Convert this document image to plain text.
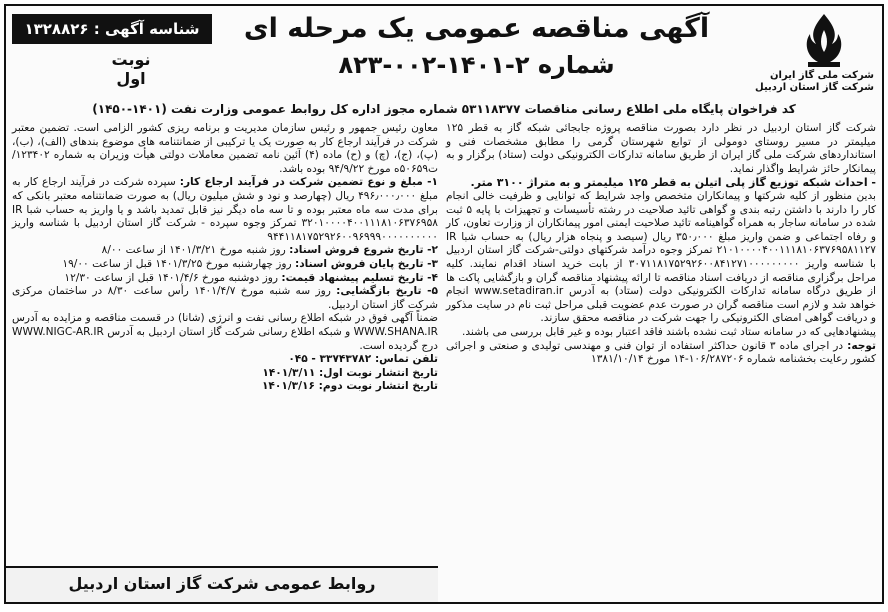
شرکت ملی گاز ایران
شرکت گاز استان اردبیل
آگهی مناقصه عمومی یک مرحله ای
شماره ۲-۱۴۰۱-۰۰۲-۸۲۳
شناسه آگهی : ۱۳۲۸۸۲۶
نوبت اول
کد فراخوان پایگاه ملی اطلاع رسانی مناقصات ۵۳۱۱۸۳۷۷ شماره مجوز اداره کل روابط عمومی وزارت نفت (۱۴۰۱-۱۴۵۰)

شرکت گاز استان اردبیل در نظر دارد بصورت مناقصه پروژه جابجائی شبکه گاز به قطر ۱۲۵ میلیمتر در مسیر روستای دومولی از توابع شهرستان گرمی را مطابق مشخصات فنی و استانداردهای شرکت ملی گاز ایران از طریق سامانه تدارکات الکترونیکی دولت (ستاد) برگزار و به پیمانکار حائز شرایط واگذار نماید.

- احداث شبکه توزیع گاز پلی اتیلن به قطر ۱۲۵ میلیمتر و به متراژ ۳۱۰۰ متر.

بدین منظور از کلیه شرکتها و پیمانکاران متخصص واجد شرایط که توانایی و ظرفیت خالی انجام کار را دارند با داشتن رتبه بندی و گواهی تائید صلاحیت در رشته تأسیسات و تجهیزات با پایه ۵ ثبت شده در سامانه ساجار به همراه گواهینامه تائید صلاحیت ایمنی امور پیمانکاران از وزارت تعاون، کار و رفاه اجتماعی و ضمن واریز مبلغ ۳۵۰٫۰۰۰ ریال (سیصد و پنجاه هزار ریال) به حساب شبا IR ۲۱۰۱۰۰۰۰۴۰۰۱۱۱۸۱۰۶۳۷۶۹۵۸۱۱۲۷ تمرکز وجوه درآمد شرکتهای دولتی-شرکت گاز استان اردبیل با شناسه واریز ۳۰۷۱۱۸۱۷۵۲۹۲۶۰۰۸۴۱۲۷۱۰۰۰۰۰۰۰۰۰ از بابت خرید اسناد اقدام نمایند. کلیه مراحل برگزاری مناقصه از دریافت اسناد مناقصه تا ارائه پیشنهاد مناقصه گران و بازگشایی پاکت ها از طریق درگاه سامانه تدارکات الکترونیکی دولت (ستاد) به آدرس www.setadiran.ir انجام خواهد شد و لازم است مناقصه گران در صورت عدم عضویت قبلی مراحل ثبت نام در سایت مذکور و دریافت گواهی امضای الکترونیکی را جهت شرکت در مناقصه محقق سازند.

پیشنهادهایی که در سامانه ستاد ثبت نشده باشند فاقد اعتبار بوده و غیر قابل بررسی می باشند.

توجه: در اجرای ماده ۳ قانون حداکثر استفاده از توان فنی و مهندسی تولیدی و صنعتی و اجرائی کشور رعایت بخشنامه شماره ۱۰۶/۲۸۷۲۰۶-۱۴ مورخ ۱۳۸۱/۱۰/۱۴

معاون رئیس جمهور و رئیس سازمان مدیریت و برنامه ریزی کشور الزامی است. تضمین معتبر شرکت در فرآیند ارجاع کار به صورت یک یا ترکیبی از ضمانتنامه های موضوع بندهای (الف)، (ب)، (پ)، (ج)، (چ) و (ح) ماده (۴) آئین نامه تضمین معاملات دولتی هیأت وزیران به شماره ۱۲۳۴۰۲/ت۵۰۶۵۹ه مورخ ۹۴/۹/۲۲ بوده باشد.

۱- مبلغ و نوع تضمین شرکت در فرآیند ارجاع کار: سپرده شرکت در فرآیند ارجاع کار به مبلغ ۴۹۶٫۰۰۰٫۰۰۰ ریال (چهارصد و نود و شش میلیون ریال) به صورت ضمانتنامه معتبر بانکی که برای مدت سه ماه معتبر بوده و تا سه ماه دیگر نیز قابل تمدید باشد و یا واریز به حساب شبا IR ۳۲۰۱۰۰۰۰۴۰۰۱۱۱۸۱۰۶۳۷۶۹۵۸ تمرکز وجوه سپرده - شرکت گاز استان اردبیل با شناسه واریز ۹۴۴۱۱۸۱۷۵۲۹۲۶۰۰۹۶۹۹۹۰۰۰۰۰۰۰۰۰۰

۲- تاریخ شروع فروش اسناد: روز شنبه مورخ ۱۴۰۱/۳/۲۱ از ساعت ۸/۰۰

۳- تاریخ پایان فروش اسناد: روز چهارشنبه مورخ ۱۴۰۱/۳/۲۵ قبل از ساعت ۱۹/۰۰

۴- تاریخ تسلیم پیشنهاد قیمت: روز دوشنبه مورخ ۱۴۰۱/۴/۶ قبل از ساعت ۱۲/۳۰

۵- تاریخ بازگشایی: روز سه شنبه مورخ ۱۴۰۱/۴/۷ رأس ساعت ۸/۳۰ در ساختمان مرکزی شرکت گاز استان اردبیل.

ضمناً آگهی فوق در شبکه اطلاع رسانی نفت و انرژی (شانا) در قسمت مناقصه و مزایده به آدرس WWW.SHANA.IR و شبکه اطلاع رسانی شرکت گاز استان اردبیل به آدرس WWW.NIGC-AR.IR درج گردیده است.

تلفن تماس: ۳۳۷۴۳۷۸۲ - ۰۴۵

تاریخ انتشار نوبت اول: ۱۴۰۱/۳/۱۱

تاریخ انتشار نوبت دوم: ۱۴۰۱/۳/۱۶

روابط عمومی شرکت گاز استان اردبیل
